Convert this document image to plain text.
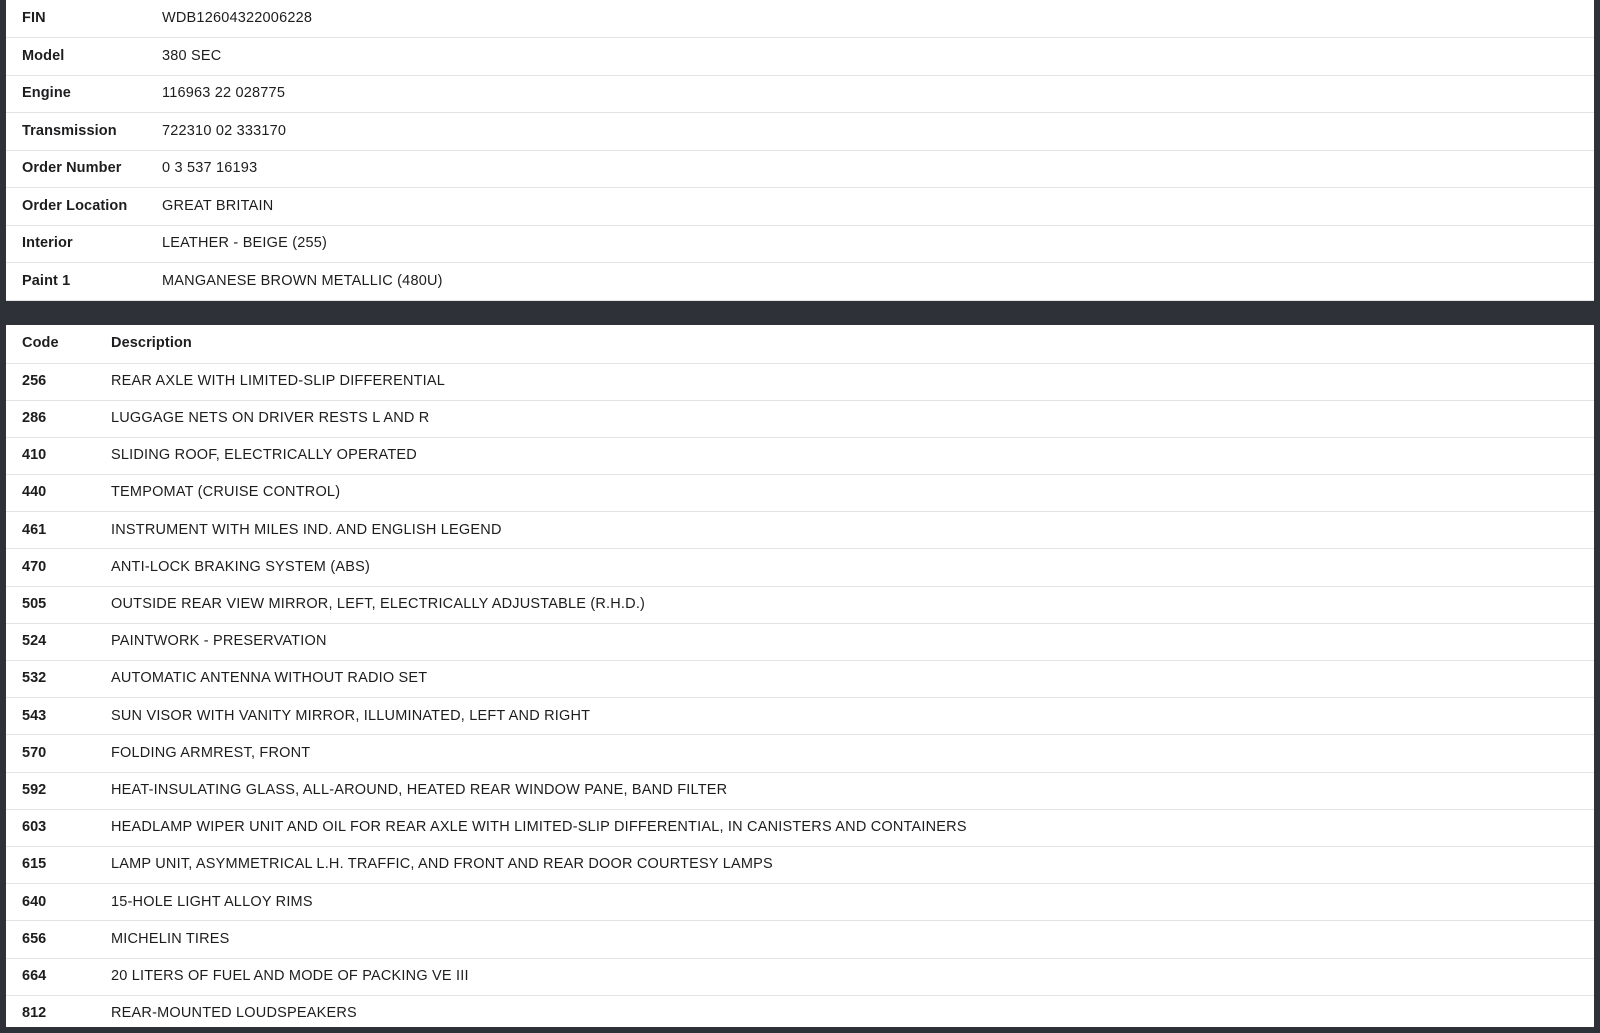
FIN	WDB12604322006228
Model	380 SEC
Engine	116963 22 028775
Transmission	722310 02 333170
Order Number	0 3 537 16193
Order Location	GREAT BRITAIN
Interior	LEATHER - BEIGE (255)
Paint 1	MANGANESE BROWN METALLIC (480U)
Code	Description
256	REAR AXLE WITH LIMITED-SLIP DIFFERENTIAL
286	LUGGAGE NETS ON DRIVER RESTS L AND R
410	SLIDING ROOF, ELECTRICALLY OPERATED
440	TEMPOMAT (CRUISE CONTROL)
461	INSTRUMENT WITH MILES IND. AND ENGLISH LEGEND
470	ANTI-LOCK BRAKING SYSTEM (ABS)
505	OUTSIDE REAR VIEW MIRROR, LEFT, ELECTRICALLY ADJUSTABLE (R.H.D.)
524	PAINTWORK - PRESERVATION
532	AUTOMATIC ANTENNA WITHOUT RADIO SET
543	SUN VISOR WITH VANITY MIRROR, ILLUMINATED, LEFT AND RIGHT
570	FOLDING ARMREST, FRONT
592	HEAT-INSULATING GLASS, ALL-AROUND, HEATED REAR WINDOW PANE, BAND FILTER
603	HEADLAMP WIPER UNIT AND OIL FOR REAR AXLE WITH LIMITED-SLIP DIFFERENTIAL, IN CANISTERS AND CONTAINERS
615	LAMP UNIT, ASYMMETRICAL L.H. TRAFFIC, AND FRONT AND REAR DOOR COURTESY LAMPS
640	15-HOLE LIGHT ALLOY RIMS
656	MICHELIN TIRES
664	20 LITERS OF FUEL AND MODE OF PACKING VE III
812	REAR-MOUNTED LOUDSPEAKERS
